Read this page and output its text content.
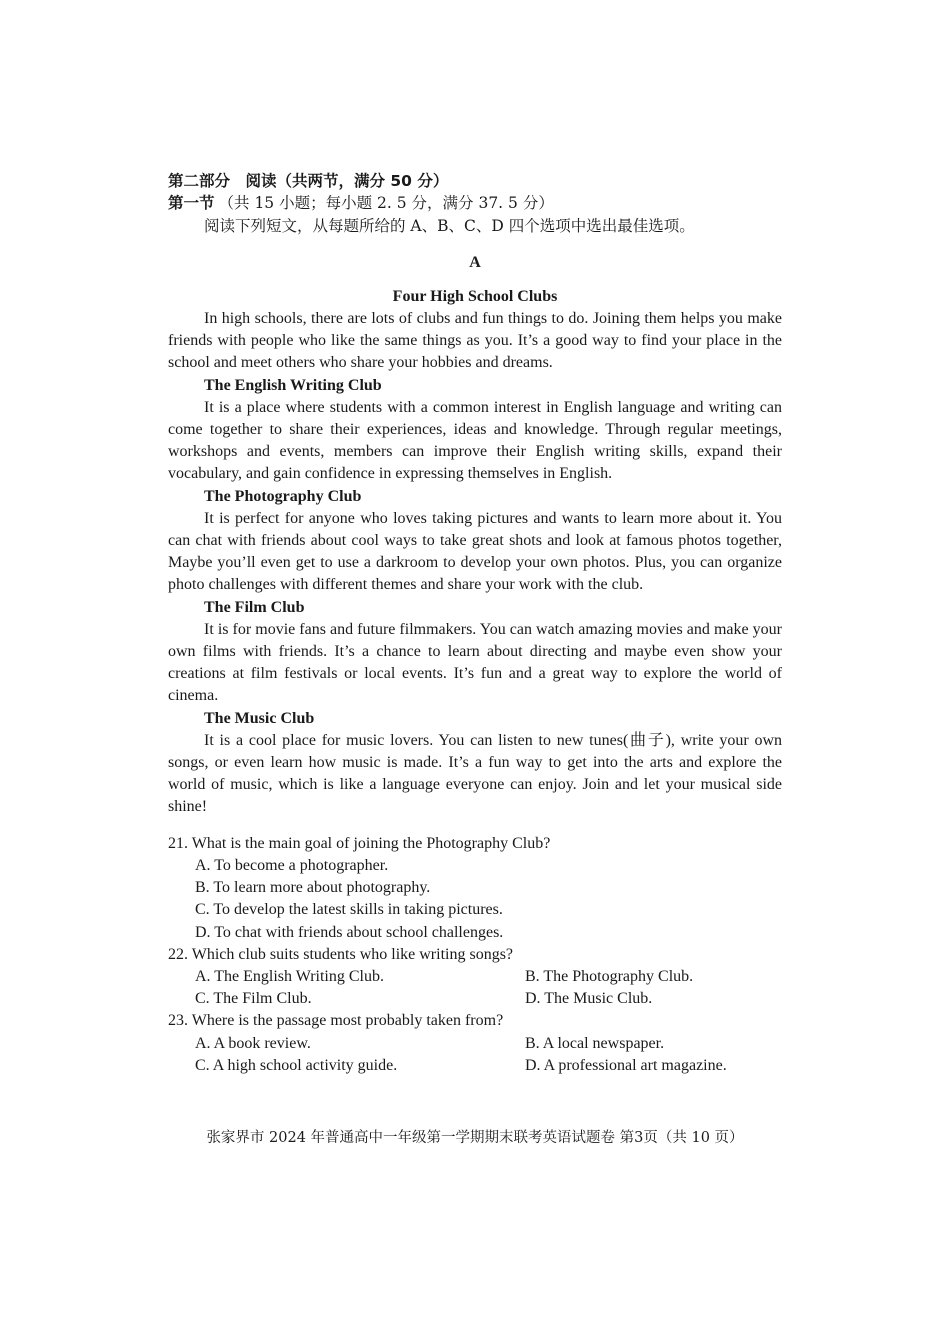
第二部分　阅读（共两节，满分 50 分）
第一节 （共 15 小题；每小题 2. 5 分，满分 37. 5 分）
阅读下列短文，从每题所给的 A、B、C、D 四个选项中选出最佳选项。
A

Four High School Clubs

In high schools, there are lots of clubs and fun things to do. Joining them helps you make friends with people who like the same things as you. It’s a good way to find your place in the school and meet others who share your hobbies and dreams.

The English Writing Club

It is a place where students with a common interest in English language and writing can come together to share their experiences, ideas and knowledge. Through regular meetings, workshops and events, members can improve their English writing skills, expand their vocabulary, and gain confidence in expressing themselves in English.

The Photography Club

It is perfect for anyone who loves taking pictures and wants to learn more about it. You can chat with friends about cool ways to take great shots and look at famous photos together, Maybe you’ll even get to use a darkroom to develop your own photos. Plus, you can organize photo challenges with different themes and share your work with the club.

The Film Club

It is for movie fans and future filmmakers. You can watch amazing movies and make your own films with friends. It’s a chance to learn about directing and maybe even show your creations at film festivals or local events. It’s fun and a great way to explore the world of cinema.

The Music Club

It is a cool place for music lovers. You can listen to new tunes(曲子), write your own songs, or even learn how music is made. It’s a fun way to get into the arts and explore the world of music, which is like a language everyone can enjoy. Join and let your musical side shine!

21. What is the main goal of joining the Photography Club?

A. To become a photographer.

B. To learn more about photography.

C. To develop the latest skills in taking pictures.

D. To chat with friends about school challenges.

22. Which club suits students who like writing songs?

A. The English Writing Club.	B. The Photography Club.
C. The Film Club.	D. The Music Club.

23. Where is the passage most probably taken from?

A. A book review.	B. A local newspaper.
C. A high school activity guide.	D. A professional art magazine.
张家界市 2024 年普通高中一年级第一学期期末联考英语试题卷 第3页（共 10 页）
